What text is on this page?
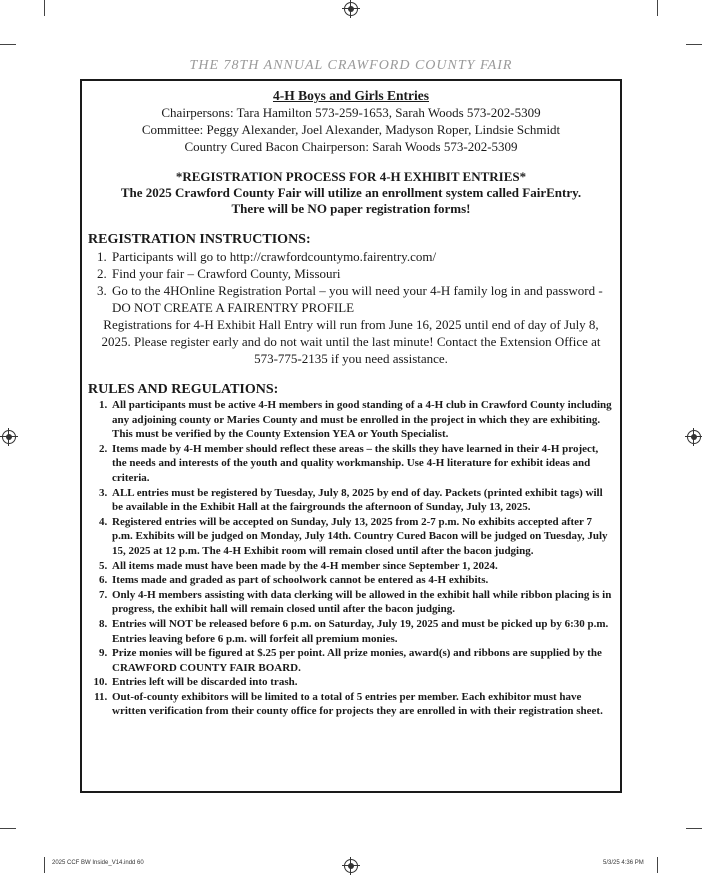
THE 78TH ANNUAL CRAWFORD COUNTY FAIR
4-H Boys and Girls Entries
Chairpersons: Tara Hamilton 573-259-1653, Sarah Woods 573-202-5309
Committee: Peggy Alexander, Joel Alexander, Madyson Roper, Lindsie Schmidt
Country Cured Bacon Chairperson: Sarah Woods 573-202-5309
*REGISTRATION PROCESS FOR 4-H EXHIBIT ENTRIES*
The 2025 Crawford County Fair will utilize an enrollment system called FairEntry.
There will be NO paper registration forms!
REGISTRATION INSTRUCTIONS:
1. Participants will go to http://crawfordcountymo.fairentry.com/
2. Find your fair – Crawford County, Missouri
3. Go to the 4HOnline Registration Portal – you will need your 4-H family log in and password - DO NOT CREATE A FAIRENTRY PROFILE
Registrations for 4-H Exhibit Hall Entry will run from June 16, 2025 until end of day of July 8, 2025. Please register early and do not wait until the last minute! Contact the Extension Office at 573-775-2135 if you need assistance.
RULES AND REGULATIONS:
1. All participants must be active 4-H members in good standing of a 4-H club in Crawford County including any adjoining county or Maries County and must be enrolled in the project in which they are exhibiting. This must be verified by the County Extension YEA or Youth Specialist.
2. Items made by 4-H member should reflect these areas – the skills they have learned in their 4-H project, the needs and interests of the youth and quality workmanship. Use 4-H literature for exhibit ideas and criteria.
3. ALL entries must be registered by Tuesday, July 8, 2025 by end of day. Packets (printed exhibit tags) will be available in the Exhibit Hall at the fairgrounds the afternoon of Sunday, July 13, 2025.
4. Registered entries will be accepted on Sunday, July 13, 2025 from 2-7 p.m. No exhibits accepted after 7 p.m. Exhibits will be judged on Monday, July 14th. Country Cured Bacon will be judged on Tuesday, July 15, 2025 at 12 p.m. The 4-H Exhibit room will remain closed until after the bacon judging.
5. All items made must have been made by the 4-H member since September 1, 2024.
6. Items made and graded as part of schoolwork cannot be entered as 4-H exhibits.
7. Only 4-H members assisting with data clerking will be allowed in the exhibit hall while ribbon placing is in progress, the exhibit hall will remain closed until after the bacon judging.
8. Entries will NOT be released before 6 p.m. on Saturday, July 19, 2025 and must be picked up by 6:30 p.m. Entries leaving before 6 p.m. will forfeit all premium monies.
9. Prize monies will be figured at $.25 per point. All prize monies, award(s) and ribbons are supplied by the CRAWFORD COUNTY FAIR BOARD.
10. Entries left will be discarded into trash.
11. Out-of-county exhibitors will be limited to a total of 5 entries per member. Each exhibitor must have written verification from their county office for projects they are enrolled in with their registration sheet.
2025 CCF BW Inside_V14.indd 60	5/3/25 4:36 PM
